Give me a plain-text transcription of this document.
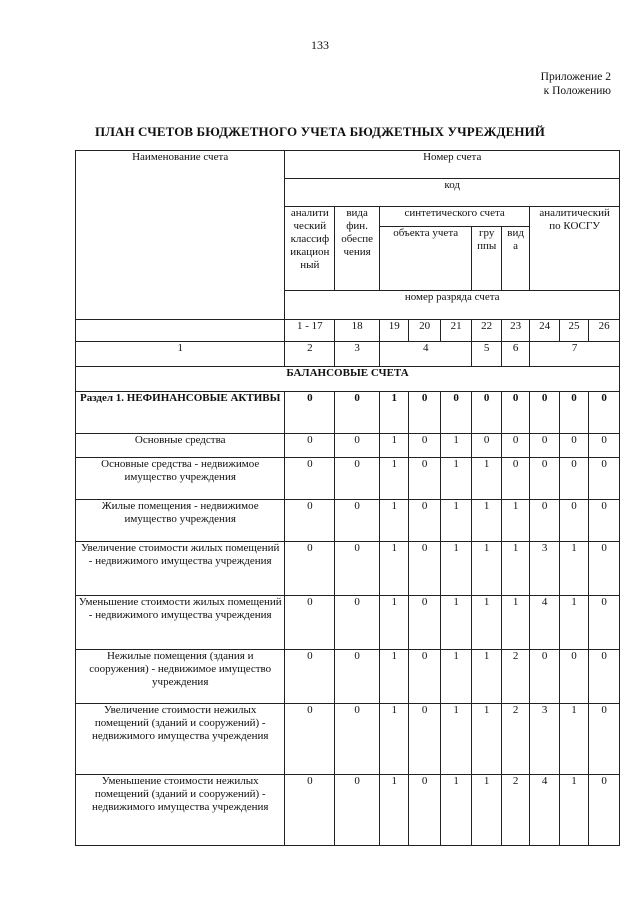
133
Приложение 2
к Положению
ПЛАН СЧЕТОВ БЮДЖЕТНОГО УЧЕТА БЮДЖЕТНЫХ УЧРЕЖДЕНИЙ
Наименование счета	Номер счета									
	код									
	аналити
ческий
классиф
икацион
ный	вида
фин.
обеспе
чения	синтетического счета					аналитический
по КОСГУ		
			объекта учета			гру
ппы	вид
а			
	номер разряда счета									
	1 - 17	18	19	20	21	22	23	24	25	26
1	2	3	4			5	6	7		
БАЛАНСОВЫЕ СЧЕТА										
Раздел 1. НЕФИНАНСОВЫЕ АКТИВЫ	0	0	1	0	0	0	0	0	0	0
Основные средства	0	0	1	0	1	0	0	0	0	0
Основные средства - недвижимое имущество учреждения	0	0	1	0	1	1	0	0	0	0
Жилые помещения - недвижимое имущество учреждения	0	0	1	0	1	1	1	0	0	0
Увеличение стоимости жилых помещений - недвижимого имущества учреждения	0	0	1	0	1	1	1	3	1	0
Уменьшение стоимости жилых помещений - недвижимого имущества учреждения	0	0	1	0	1	1	1	4	1	0
Нежилые помещения (здания и сооружения) - недвижимое имущество учреждения	0	0	1	0	1	1	2	0	0	0
Увеличение стоимости нежилых помещений (зданий и сооружений) - недвижимого имущества учреждения	0	0	1	0	1	1	2	3	1	0
Уменьшение стоимости нежилых помещений (зданий и сооружений) - недвижимого имущества учреждения	0	0	1	0	1	1	2	4	1	0
